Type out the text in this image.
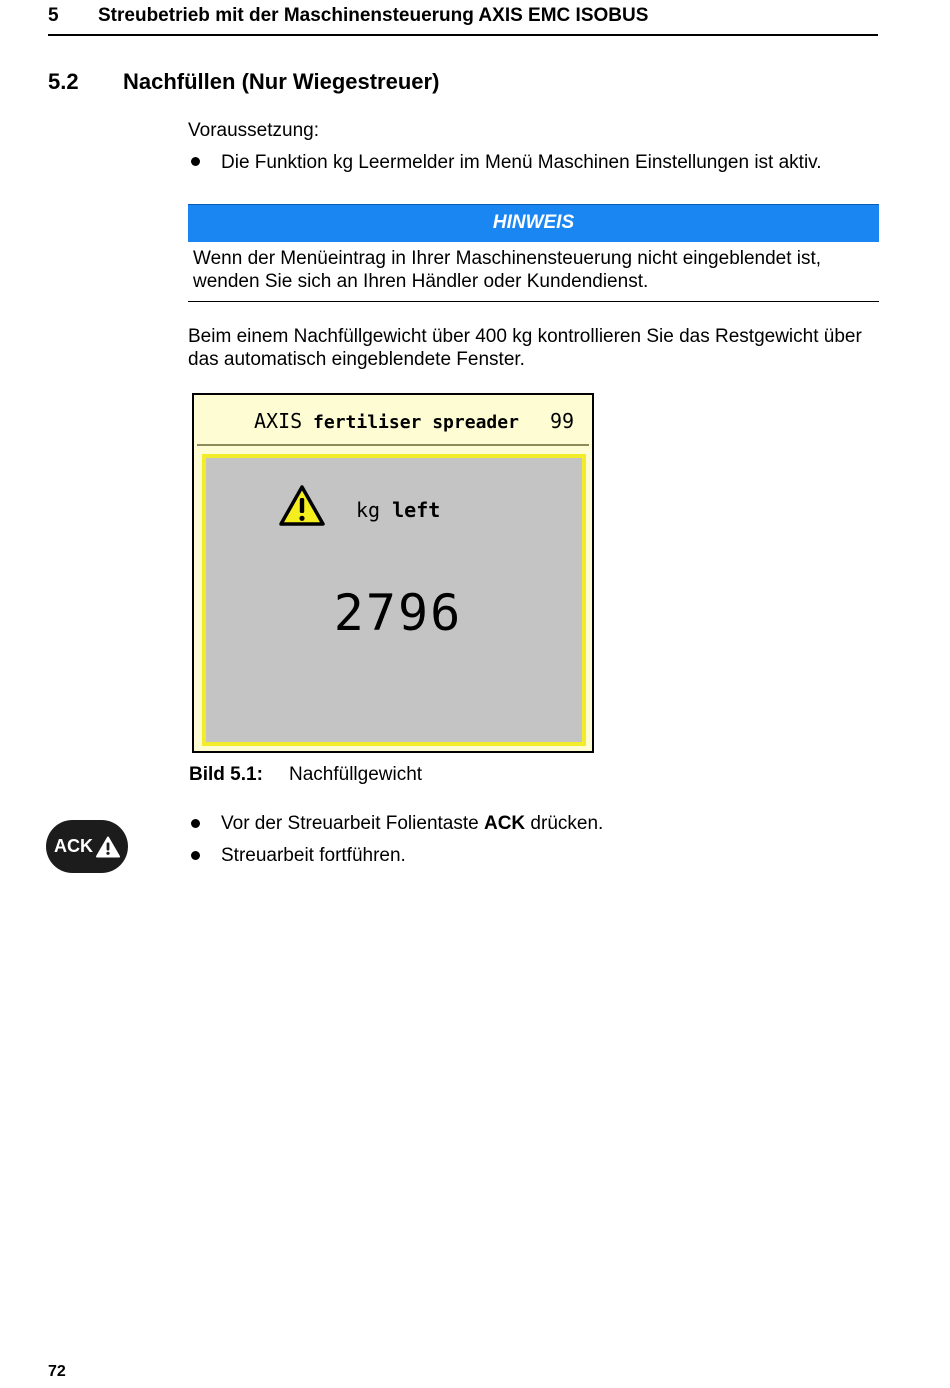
5 Streubetrieb mit der Maschinensteuerung AXIS EMC ISOBUS
5.2 Nachfüllen (Nur Wiegestreuer)
Voraussetzung:
Die Funktion kg Leermelder im Menü Maschinen Einstellungen ist aktiv.
HINWEIS
Wenn der Menüeintrag in Ihrer Maschinensteuerung nicht eingeblendet ist,
wenden Sie sich an Ihren Händler oder Kundendienst.
Beim einem Nachfüllgewicht über 400 kg kontrollieren Sie das Restgewicht über
das automatisch eingeblendete Fenster.
AXIS fertiliser spreader 99
kg left
2796
Bild 5.1: Nachfüllgewicht
ACK
Vor der Streuarbeit Folientaste ACK drücken.
Streuarbeit fortführen.
72
